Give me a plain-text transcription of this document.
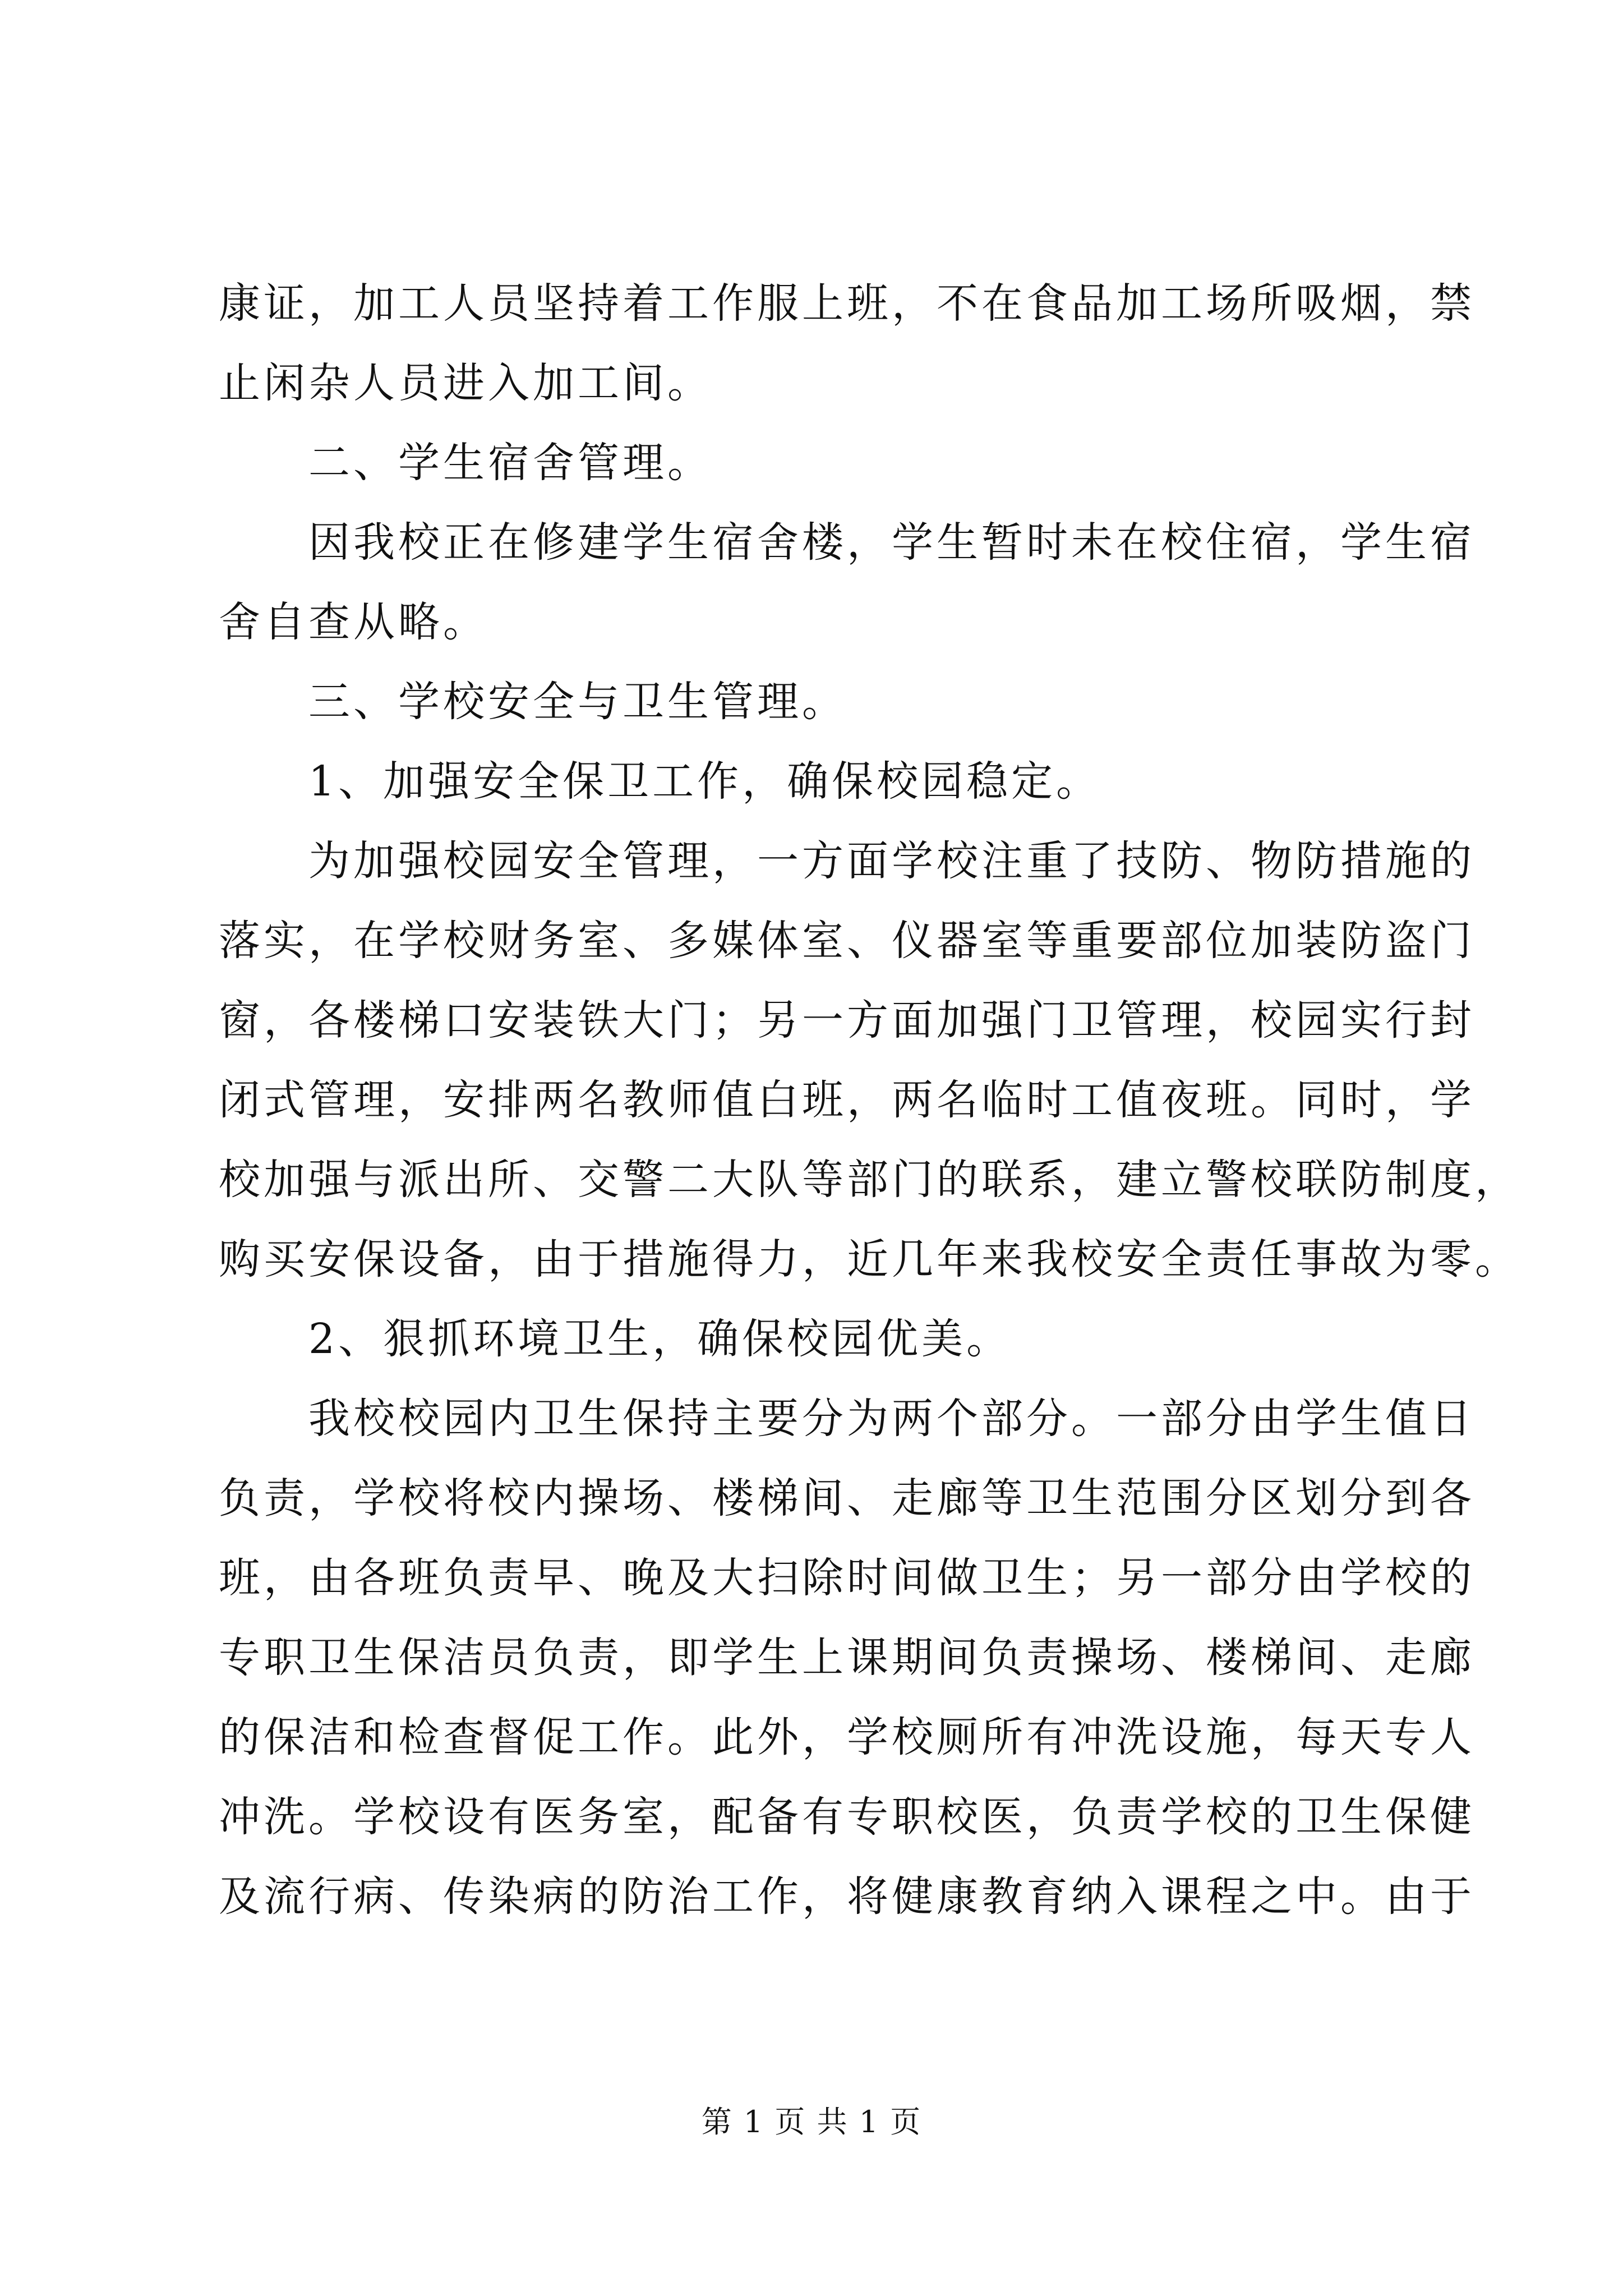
康证，加工人员坚持着工作服上班，不在食品加工场所吸烟，禁
止闲杂人员进入加工间。
二、学生宿舍管理。
因我校正在修建学生宿舍楼，学生暂时未在校住宿，学生宿
舍自查从略。
三、学校安全与卫生管理。
1、加强安全保卫工作，确保校园稳定。
为加强校园安全管理，一方面学校注重了技防、物防措施的
落实，在学校财务室、多媒体室、仪器室等重要部位加装防盗门
窗，各楼梯口安装铁大门；另一方面加强门卫管理，校园实行封
闭式管理，安排两名教师值白班，两名临时工值夜班。同时，学
校加强与派出所、交警二大队等部门的联系，建立警校联防制度，
购买安保设备，由于措施得力，近几年来我校安全责任事故为零。
2、狠抓环境卫生，确保校园优美。
我校校园内卫生保持主要分为两个部分。一部分由学生值日
负责，学校将校内操场、楼梯间、走廊等卫生范围分区划分到各
班，由各班负责早、晚及大扫除时间做卫生；另一部分由学校的
专职卫生保洁员负责，即学生上课期间负责操场、楼梯间、走廊
的保洁和检查督促工作。此外，学校厕所有冲洗设施，每天专人
冲洗。学校设有医务室，配备有专职校医，负责学校的卫生保健
及流行病、传染病的防治工作，将健康教育纳入课程之中。由于
第 1 页 共 1 页
